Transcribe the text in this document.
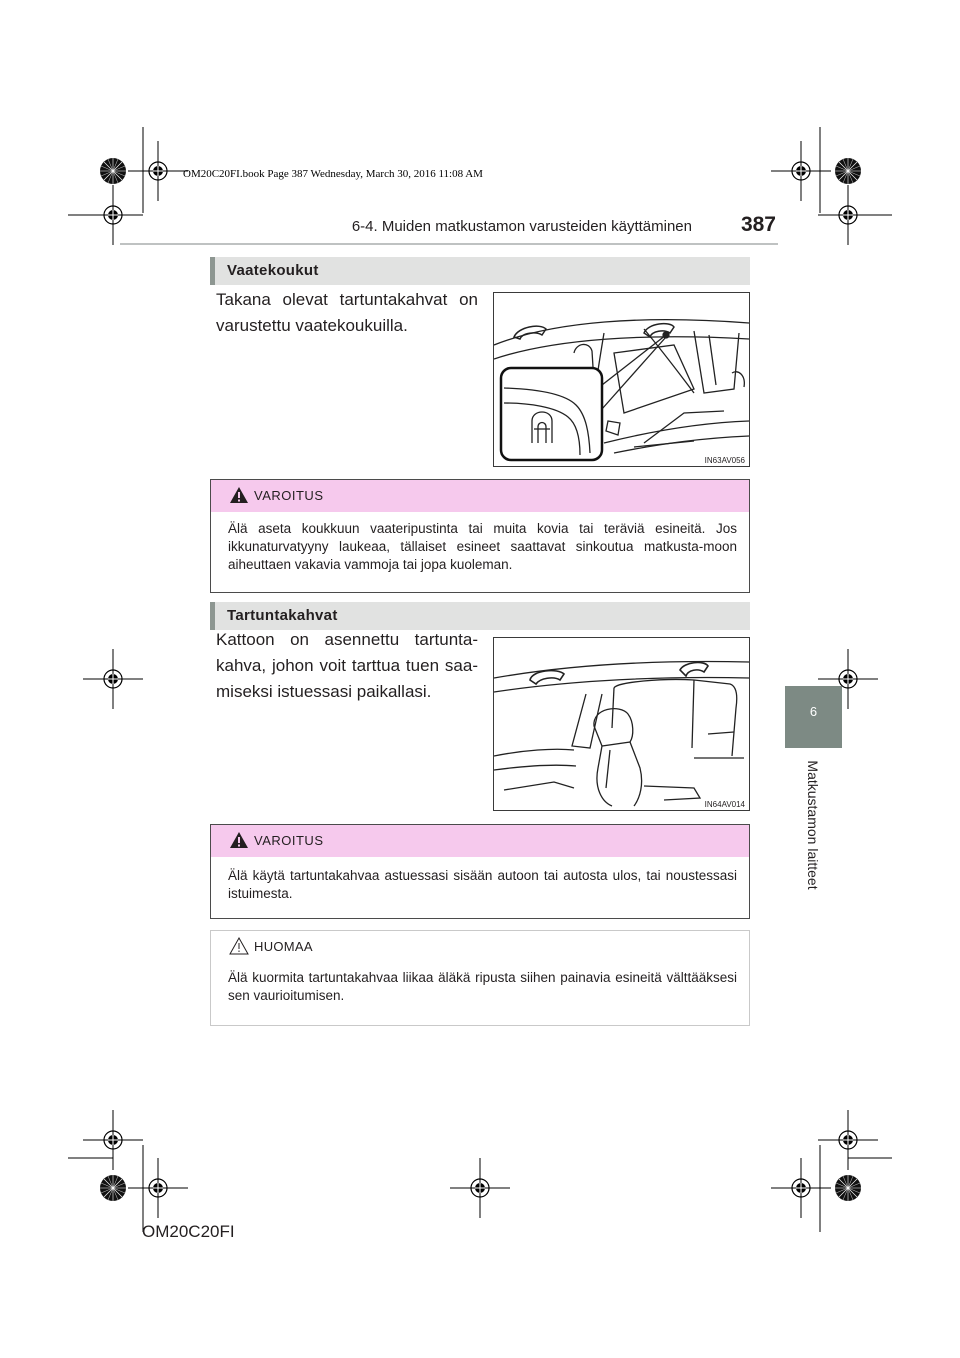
OM20C20FI.book Page 387 Wednesday, March 30, 2016 11:08 AM
6-4. Muiden matkustamon varusteiden käyttäminen	387
6
Matkustamon laitteet
Vaatekoukut
Takana olevat tartuntakahvat on varustettu vaatekoukuilla.
IN63AV056
VAROITUS
Älä aseta koukkuun vaateripustinta tai muita kovia tai teräviä esineitä. Jos ikkunaturvatyyny laukeaa, tällaiset esineet saattavat sinkoutua matkusta-moon aiheuttaen vakavia vammoja tai jopa kuoleman.
Tartuntakahvat
Kattoon on asennettu tartunta-kahva, johon voit tarttua tuen saa-miseksi istuessasi paikallasi.
IN64AV014
VAROITUS
Älä käytä tartuntakahvaa astuessasi sisään autoon tai autosta ulos, tai noustessasi istuimesta.
HUOMAA
Älä kuormita tartuntakahvaa liikaa äläkä ripusta siihen painavia esineitä välttääksesi sen vaurioitumisen.
OM20C20FI
